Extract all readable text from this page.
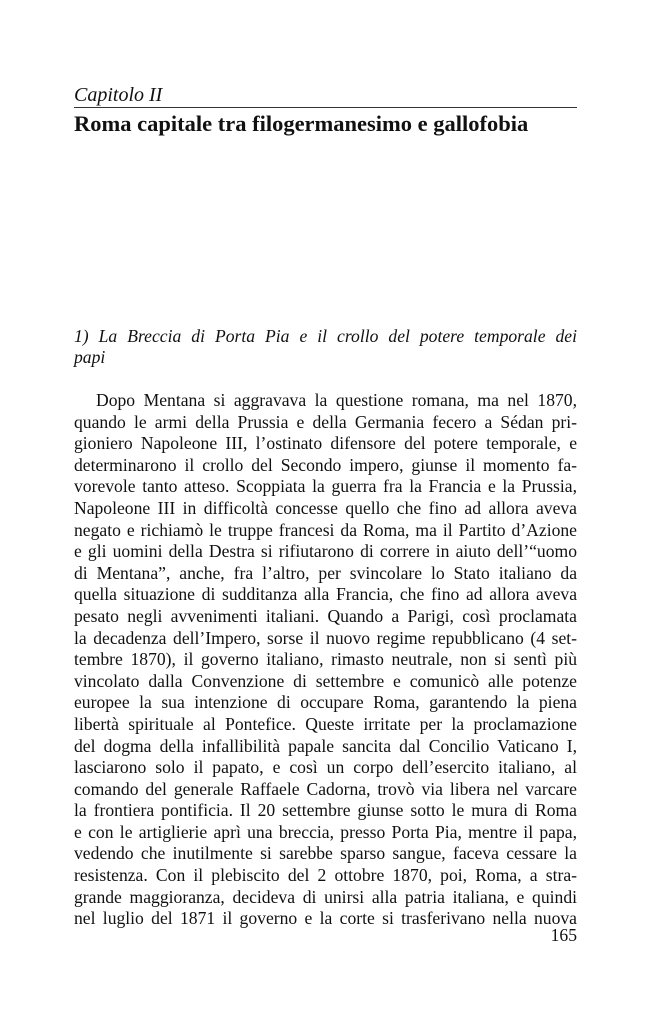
Capitolo II
Roma capitale tra filogermanesimo e gallofobia
1) La Breccia di Porta Pia e il crollo del potere temporale dei
papi
Dopo Mentana si aggravava la questione romana, ma nel 1870,
quando le armi della Prussia e della Germania fecero a Sédan pri-
gioniero Napoleone III, l’ostinato difensore del potere temporale, e
determinarono il crollo del Secondo impero, giunse il momento fa-
vorevole tanto atteso. Scoppiata la guerra fra la Francia e la Prussia,
Napoleone III in difficoltà concesse quello che fino ad allora aveva
negato e richiamò le truppe francesi da Roma, ma il Partito d’Azione
e gli uomini della Destra si rifiutarono di correre in aiuto dell’“uomo
di Mentana”, anche, fra l’altro, per svincolare lo Stato italiano da
quella situazione di sudditanza alla Francia, che fino ad allora aveva
pesato negli avvenimenti italiani. Quando a Parigi, così proclamata
la decadenza dell’Impero, sorse il nuovo regime repubblicano (4 set-
tembre 1870), il governo italiano, rimasto neutrale, non si sentì più
vincolato dalla Convenzione di settembre e comunicò alle potenze
europee la sua intenzione di occupare Roma, garantendo la piena
libertà spirituale al Pontefice. Queste irritate per la proclamazione
del dogma della infallibilità papale sancita dal Concilio Vaticano I,
lasciarono solo il papato, e così un corpo dell’esercito italiano, al
comando del generale Raffaele Cadorna, trovò via libera nel varcare
la frontiera pontificia. Il 20 settembre giunse sotto le mura di Roma
e con le artiglierie aprì una breccia, presso Porta Pia, mentre il papa,
vedendo che inutilmente si sarebbe sparso sangue, faceva cessare la
resistenza. Con il plebiscito del 2 ottobre 1870, poi, Roma, a stra-
grande maggioranza, decideva di unirsi alla patria italiana, e quindi
nel luglio del 1871 il governo e la corte si trasferivano nella nuova
165
